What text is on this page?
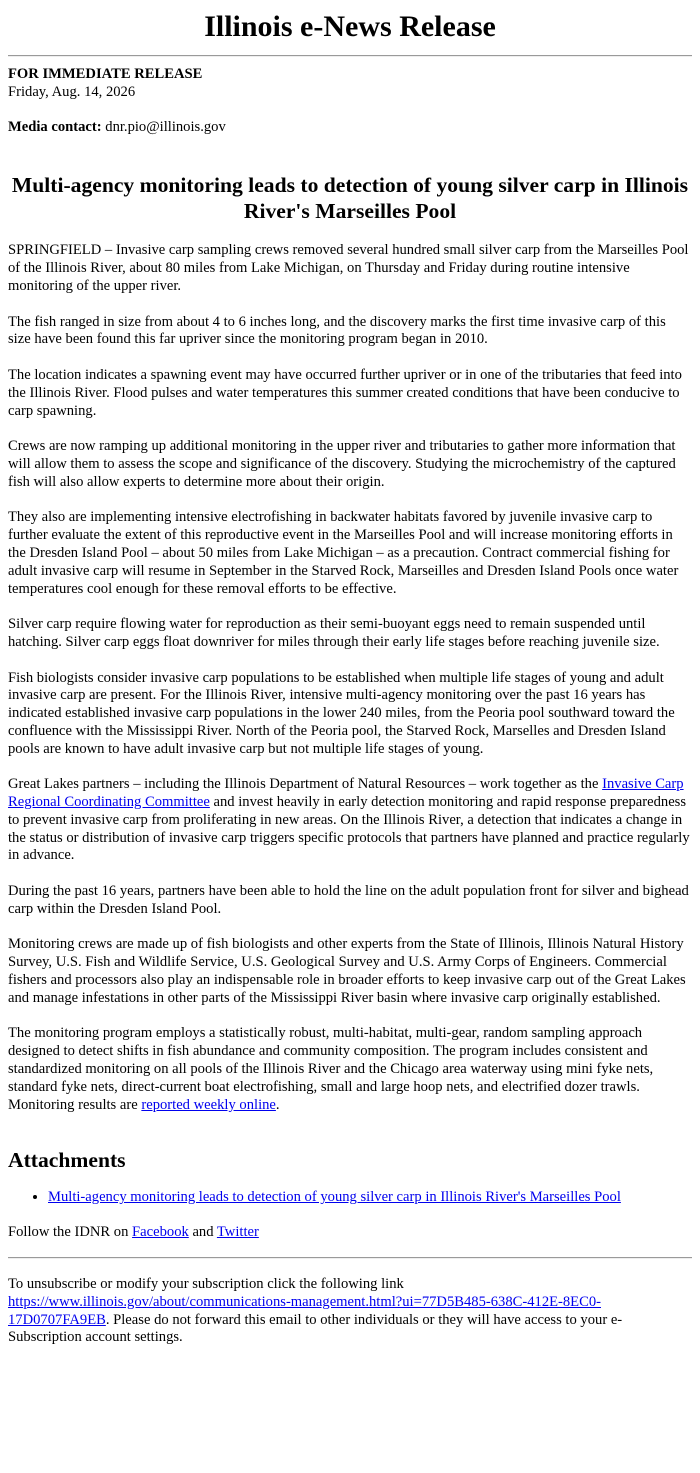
Illinois e-News Release
FOR IMMEDIATE RELEASE
Friday, Aug. 14, 2026
Media contact: dnr.pio@illinois.gov
Multi-agency monitoring leads to detection of young silver carp in Illinois River's Marseilles Pool

SPRINGFIELD – Invasive carp sampling crews removed several hundred small silver carp from the Marseilles Pool of the Illinois River, about 80 miles from Lake Michigan, on Thursday and Friday during routine intensive monitoring of the upper river.

The fish ranged in size from about 4 to 6 inches long, and the discovery marks the first time invasive carp of this size have been found this far upriver since the monitoring program began in 2010.

The location indicates a spawning event may have occurred further upriver or in one of the tributaries that feed into the Illinois River. Flood pulses and water temperatures this summer created conditions that have been conducive to carp spawning.

Crews are now ramping up additional monitoring in the upper river and tributaries to gather more information that will allow them to assess the scope and significance of the discovery. Studying the microchemistry of the captured fish will also allow experts to determine more about their origin.

They also are implementing intensive electrofishing in backwater habitats favored by juvenile invasive carp to further evaluate the extent of this reproductive event in the Marseilles Pool and will increase monitoring efforts in the Dresden Island Pool – about 50 miles from Lake Michigan – as a precaution. Contract commercial fishing for adult invasive carp will resume in September in the Starved Rock, Marseilles and Dresden Island Pools once water temperatures cool enough for these removal efforts to be effective.

Silver carp require flowing water for reproduction as their semi-buoyant eggs need to remain suspended until hatching. Silver carp eggs float downriver for miles through their early life stages before reaching juvenile size.

Fish biologists consider invasive carp populations to be established when multiple life stages of young and adult invasive carp are present. For the Illinois River, intensive multi-agency monitoring over the past 16 years has indicated established invasive carp populations in the lower 240 miles, from the Peoria pool southward toward the confluence with the Mississippi River. North of the Peoria pool, the Starved Rock, Marselles and Dresden Island pools are known to have adult invasive carp but not multiple life stages of young.

Great Lakes partners – including the Illinois Department of Natural Resources – work together as the Invasive Carp Regional Coordinating Committee and invest heavily in early detection monitoring and rapid response preparedness to prevent invasive carp from proliferating in new areas. On the Illinois River, a detection that indicates a change in the status or distribution of invasive carp triggers specific protocols that partners have planned and practice regularly in advance.

During the past 16 years, partners have been able to hold the line on the adult population front for silver and bighead carp within the Dresden Island Pool.

Monitoring crews are made up of fish biologists and other experts from the State of Illinois, Illinois Natural History Survey, U.S. Fish and Wildlife Service, U.S. Geological Survey and U.S. Army Corps of Engineers. Commercial fishers and processors also play an indispensable role in broader efforts to keep invasive carp out of the Great Lakes and manage infestations in other parts of the Mississippi River basin where invasive carp originally established.

The monitoring program employs a statistically robust, multi-habitat, multi-gear, random sampling approach designed to detect shifts in fish abundance and community composition. The program includes consistent and standardized monitoring on all pools of the Illinois River and the Chicago area waterway using mini fyke nets, standard fyke nets, direct-current boat electrofishing, small and large hoop nets, and electrified dozer trawls. Monitoring results are reported weekly online.

Attachments
• Multi-agency monitoring leads to detection of young silver carp in Illinois River's Marseilles Pool
Follow the IDNR on Facebook and Twitter
To unsubscribe or modify your subscription click the following link
https://www.illinois.gov/about/communications-management.html?ui=77D5B485-638C-412E-8EC0-17D0707FA9EB. Please do not forward this email to other individuals or they will have access to your e-Subscription account settings.
